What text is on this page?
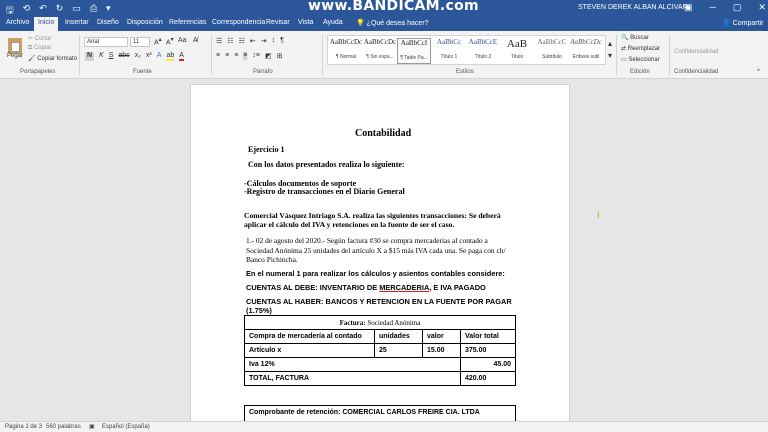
🖫 ⟲ ↶ ↻ ▭ ⎙ ▾	www.BANDICAM.com	STEVEN DEREK ALBAN ALCIVAR
▣ ─ ▢ ✕
Archivo	Inicio	Insertar Diseño Disposición Referencias Correspondencia Revisar Vista Ayuda 💡 ¿Qué desea hacer?	👤 Compartir
Pegar
✂ Cortar
⧉ Copiar
🖌 Copiar formato
Portapapeles
Arial	11	A▴ A▾ Aa A̸
N K S abc x₂ x² A ab A
Fuente
☰ ☷ ☵ ⇤ ⇥ ↕ ¶
≡ ≡ ≡ ≡ ↕≡ ◩ ⊞
Párrafo
AaBbCcDc
¶ Normal
AaBbCcDc
¶ Sin espa...
AaBbCcI
¶ Table Pa...
AaBbCc
Título 1
AaBbCcE
Título 2
AaB
Título
AaBbCcC
Subtítulo
AaBbCcDc
Énfasis sutil
▴
▾
Estilos
🔍 Buscar
⇄ Reemplazar
▭ Seleccionar
Edición
Confidencialidad
Confidencialidad	^
Contabilidad
Ejercicio 1
Con los datos presentados realiza lo siguiente:
-Cálculos documentos de soporte
-Registro de transacciones en el Diario General
Comercial Vásquez Intriago S.A. realiza las siguientes transacciones: Se deberá
aplicar el cálculo del IVA y retenciones en la fuente de ser el caso.
1.- 02 de agosto del 2020.- Según factura #30 se compra mercaderías al contado a
Sociedad Anónima 25 unidades del artículo X a $15 más IVA cada una. Se paga con ch/
Banco Pichincha.
En el numeral 1 para realizar los cálculos y asientos contables considere:
CUENTAS AL DEBE: INVENTARIO DE MERCADERIA, E IVA PAGADO
CUENTAS AL HABER: BANCOS Y RETENCION EN LA FUENTE POR PAGAR
(1.75%)
Factura: Sociedad Anónima			
Compra de mercadería al contado	unidades	valor	Valor total
Artículo x	25	15.00	375.00
Iva 12%			45.00
TOTAL, FACTURA			420.00
Comprobante de retención: COMERCIAL CARLOS FREIRE CIA. LTDA
I
Página 1 de 3 560 palabras ▣ Español (España)
